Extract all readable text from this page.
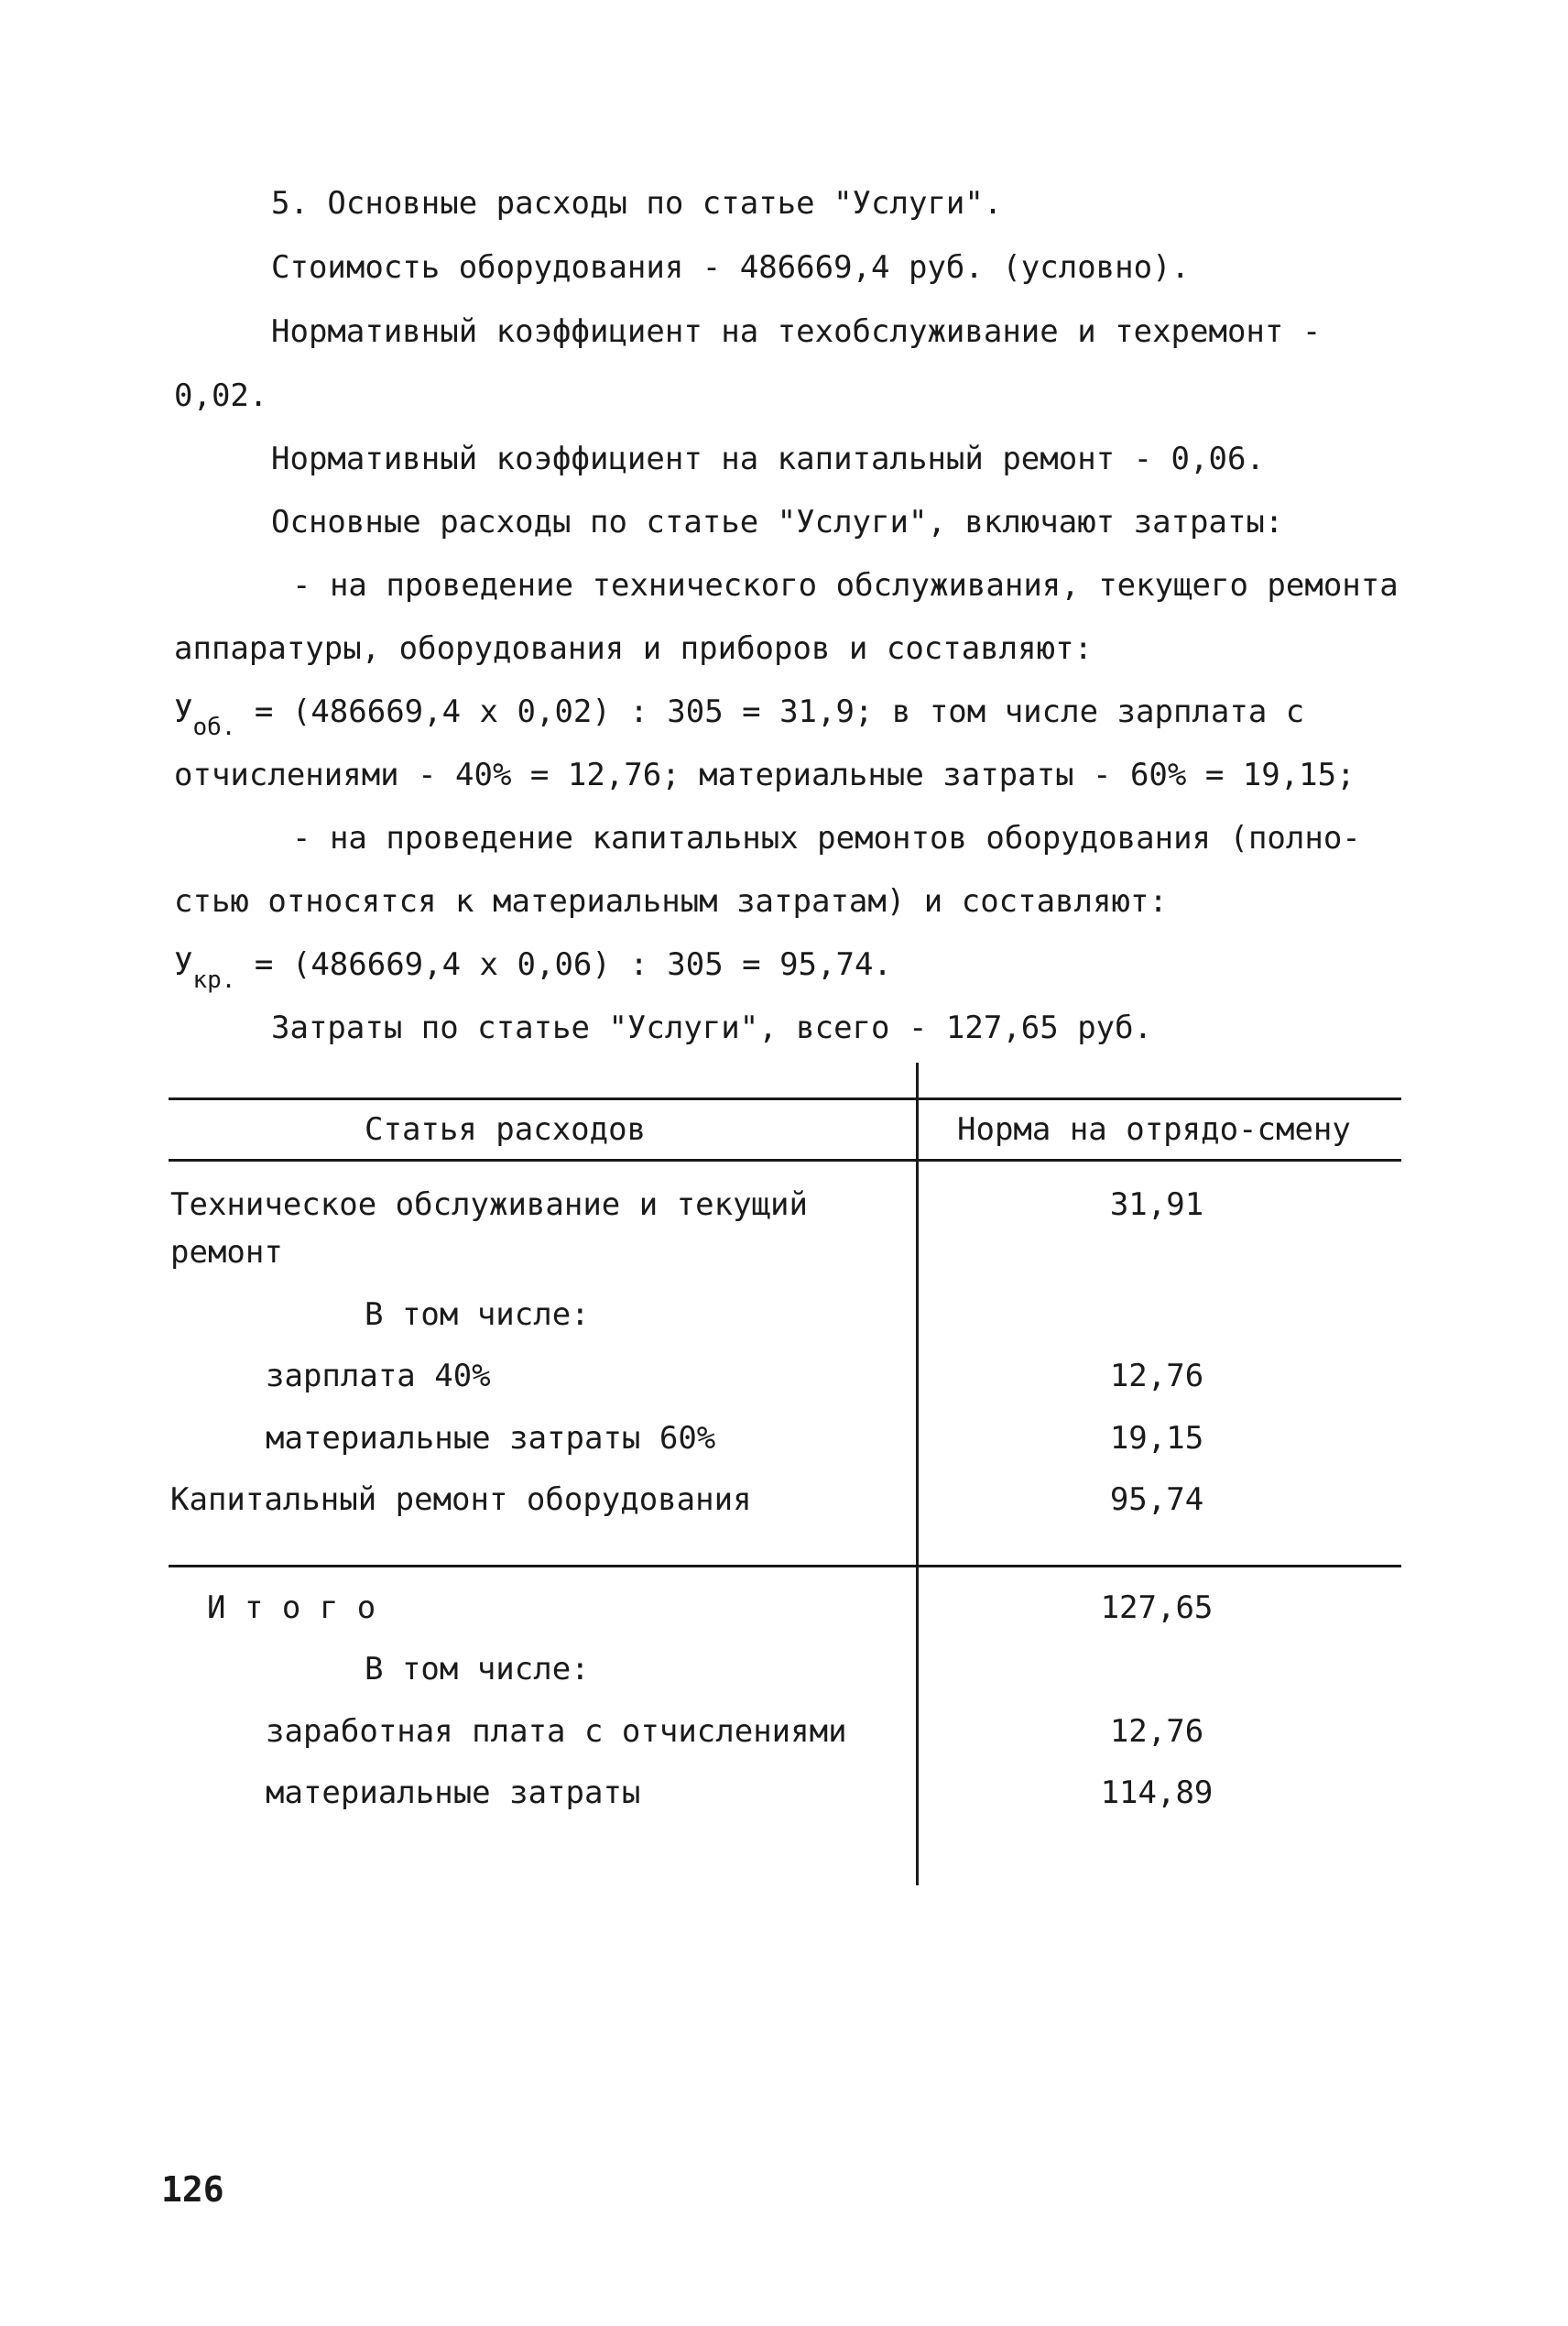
5. Основные расходы по статье "Услуги".
Стоимость оборудования - 486669,4 руб. (условно).
Нормативный коэффициент на техобслуживание и техремонт -
0,02.
Нормативный коэффициент на капитальный ремонт - 0,06.
Основные расходы по статье "Услуги", включают затраты:
- на проведение технического обслуживания, текущего ремонта
аппаратуры, оборудования и приборов и составляют:
$У_{об.} = (486669,4$ х 0,02) : 305 = 31,9; в том числе зарплата с
отчислениями - 40% = 12,76; материальные затраты - 60% = 19,15;
- на проведение капитальных ремонтов оборудования (полно-
стью относятся к материальным затратам) и составляют:
$У_{кр.} = (486669,4$ х 0,06) : 305 = 95,74.
Затраты по статье "Услуги", всего - 127,65 руб.
Статья расходов	Норма на отрядо-смену
Техническое обслуживание и текущий	31,91
ремонт
В том числе:
зарплата 40%	12,76
материальные затраты 60%	19,15
Капитальный ремонт оборудования	95,74
И т о г о	127,65
В том числе:
заработная плата с отчислениями	12,76
материальные затраты	114,89
126
